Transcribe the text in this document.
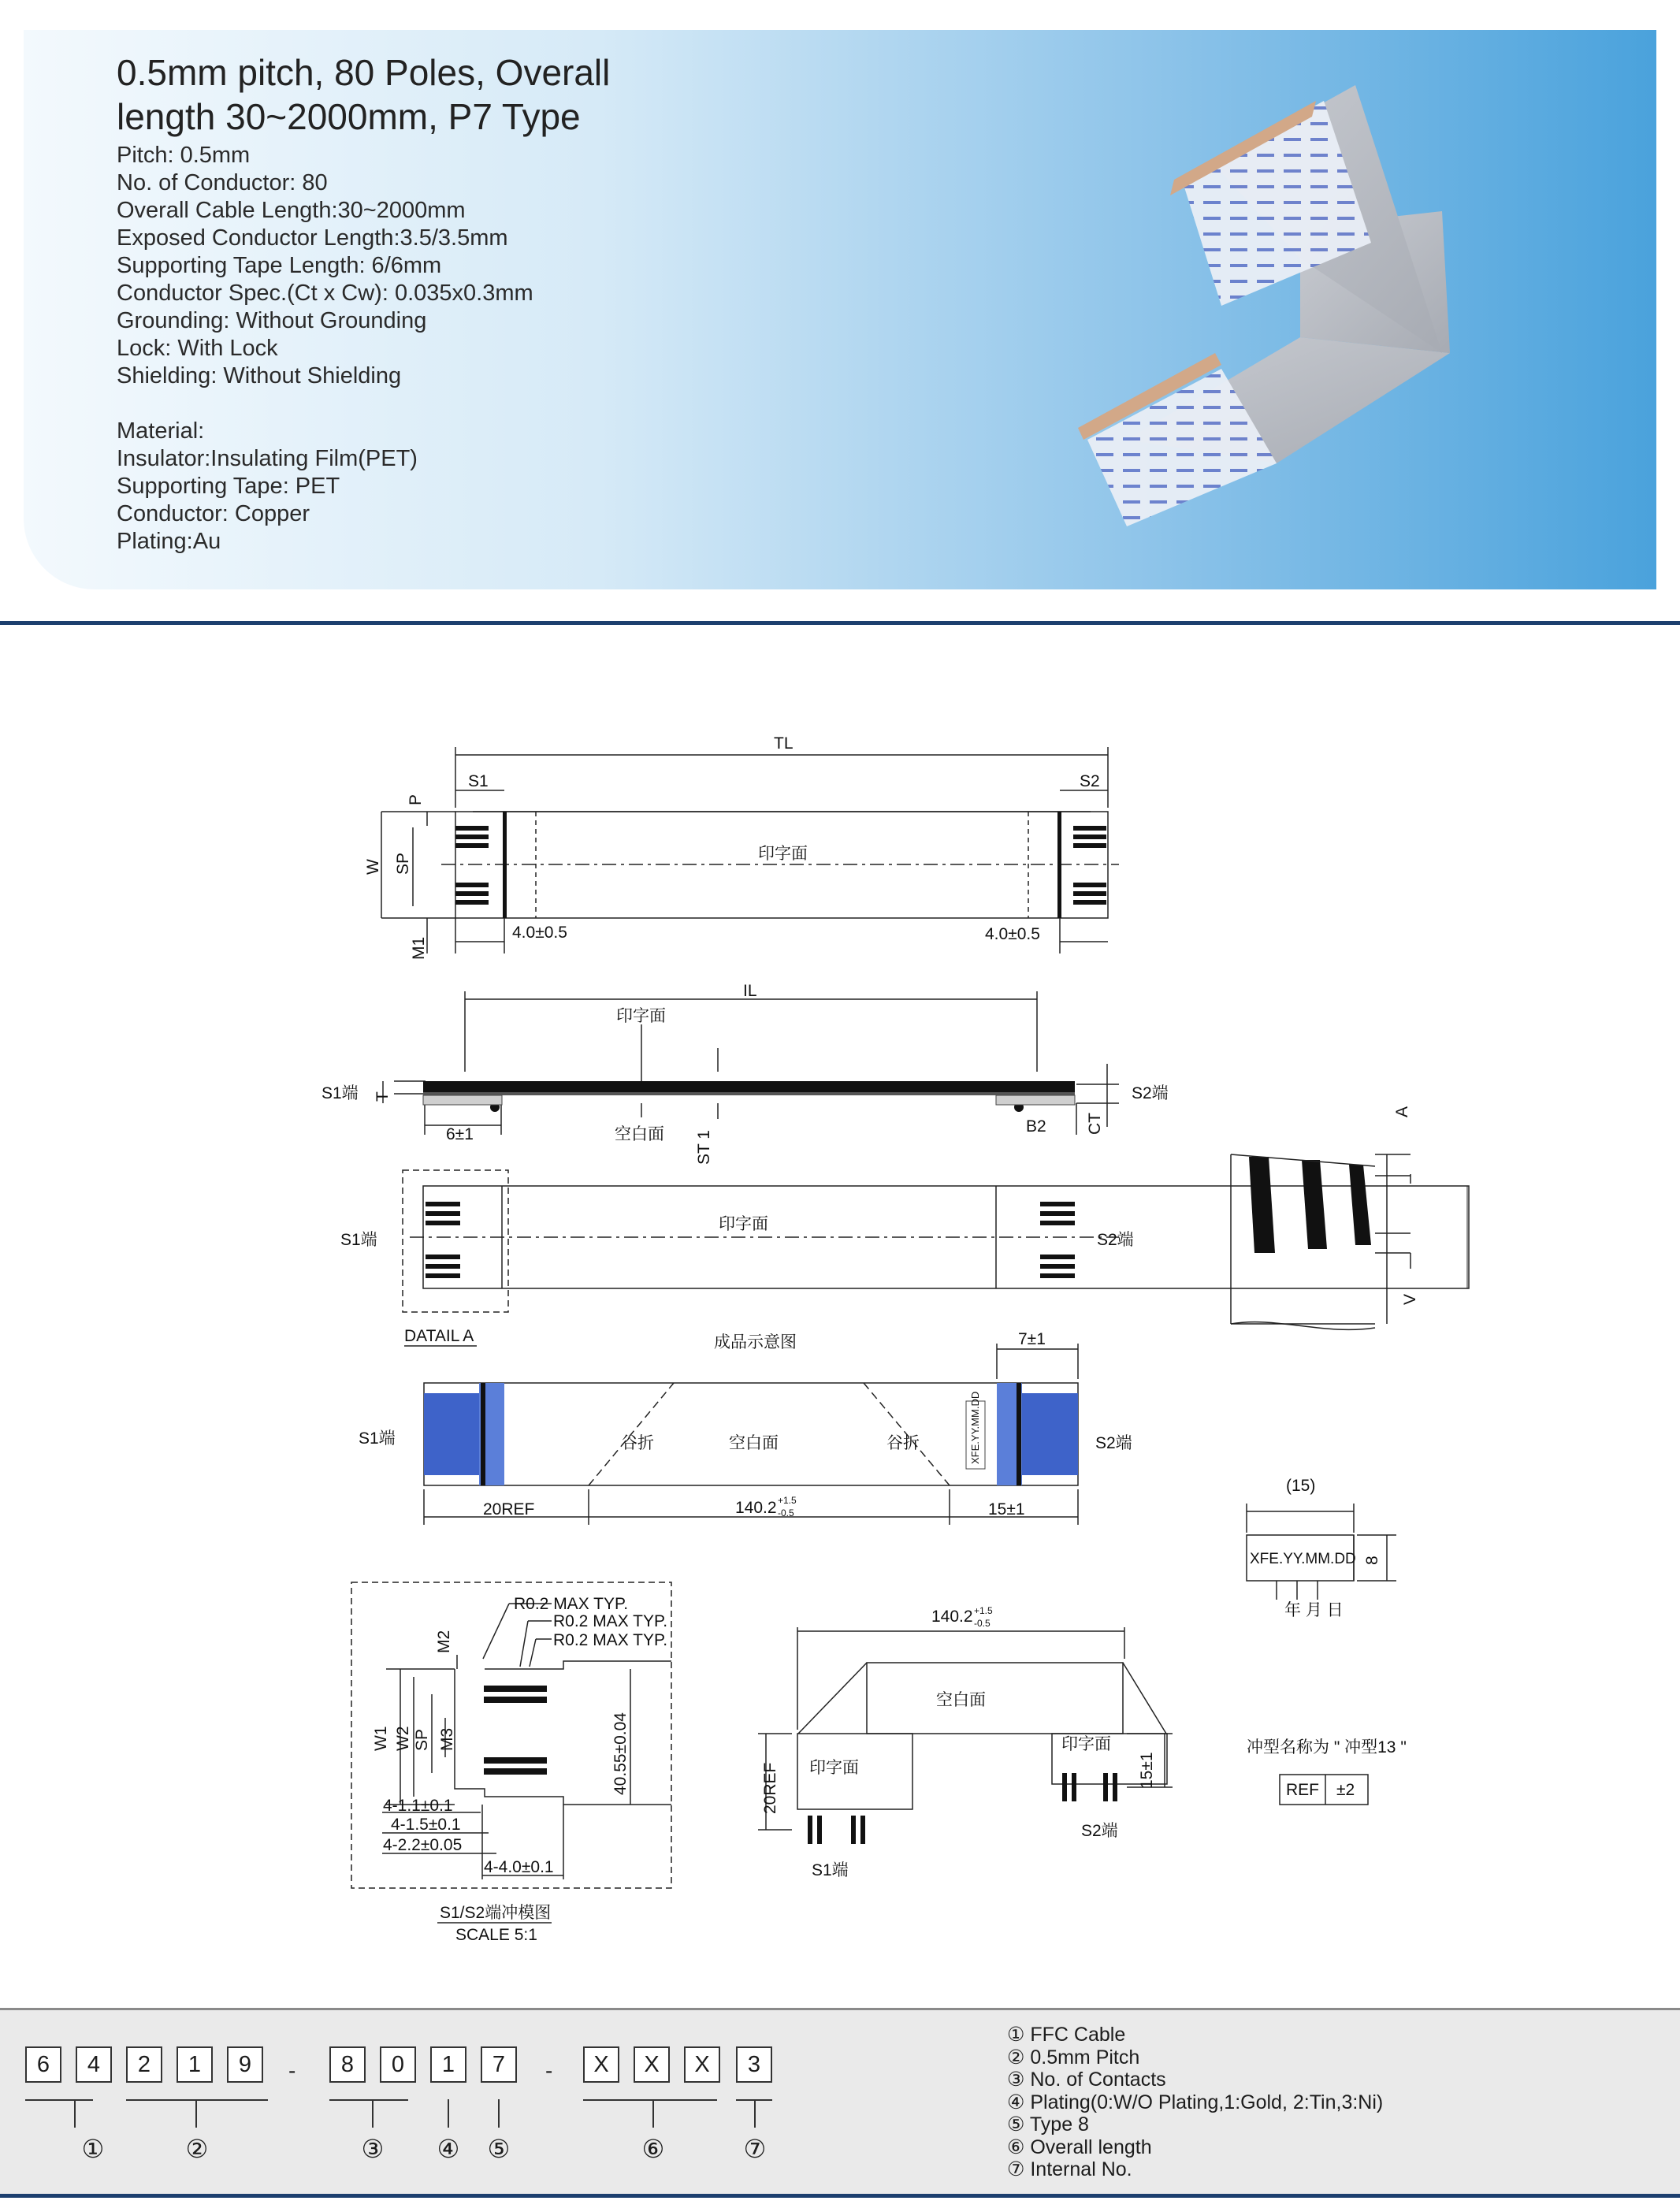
0.5mm pitch, 80 Poles, Overall
length 30~2000mm, P7 Type
Pitch: 0.5mm
No. of Conductor: 80
Overall Cable Length:30~2000mm
Exposed Conductor Length:3.5/3.5mm
Supporting Tape Length: 6/6mm
Conductor Spec.(Ct x Cw): 0.035x0.3mm
Grounding: Without Grounding
Lock: With Lock
Shielding: Without Shielding
Material:
Insulator:Insulating Film(PET)
Supporting Tape: PET
Conductor: Copper
Plating:Au
TL
S1	S2
P
W SP
M1
印字面
4.0±0.5	4.0±0.5
IL
印字面
S1端	S2端
T
CT
6±1	空白面 ST 1
B2
A
V
S1端
印字面
S2端
DATAIL A	成品示意图	7±1
S1端	谷折	空白面	谷折	XFE.YY.MM.DD	S2端
20REF	140.2 +1.5
-0.5	15±1
(15)
XFE.YY.MM.DD 8
年 月 日
R0.2 MAX TYP.
R0.2 MAX TYP.
R0.2 MAX TYP.
M2
W1 W2 SP M3	40.55±0.04
4-1.1±0.1
4-1.5±0.1
4-2.2±0.05
4-4.0±0.1
S1/S2端冲模图
SCALE 5:1
140.2 +1.5
-0.5
空白面
印字面
印字面
20REF	15±1
S2端
S1端
冲型名称为 " 冲型13 "
REF ±2
6	4	2	1	9	-	8	0	1	7	-	X	X	X	3
①	②	③ ④ ⑤	⑥	⑦
① FFC Cable
② 0.5mm Pitch
③ No. of Contacts
④ Plating(0:W/O Plating,1:Gold, 2:Tin,3:Ni)
⑤ Type 8
⑥ Overall length
⑦ Internal No.
